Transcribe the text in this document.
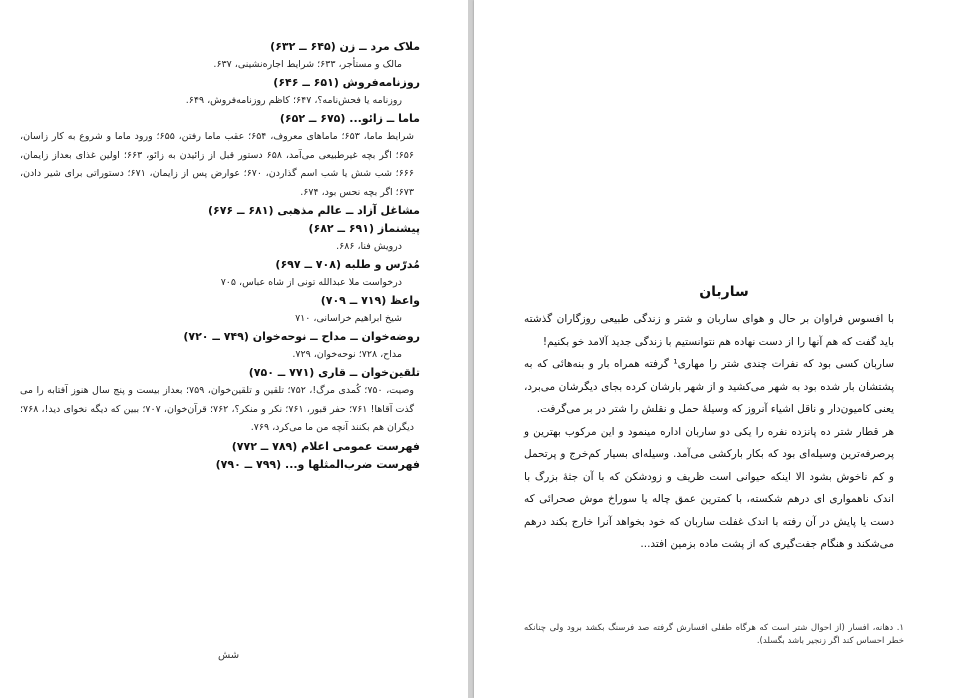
ملاک مرد ــ زن (۶۴۵ ــ ۶۳۲)
مالک و مستأجر، ۶۳۳؛ شرایط اجاره‌نشینی، ۶۳۷.
روزنامه‌فروش (۶۵۱ ــ ۶۴۶)
روزنامه یا فحش‌نامه؟، ۶۴۷؛ کاظم روزنامه‌فروش، ۶۴۹.
ماما ــ زائو... (۶۷۵ ــ ۶۵۲)
شرایط ماما، ۶۵۳؛ ماماهای معروف، ۶۵۴؛ عقب ماما رفتن، ۶۵۵؛ ورود ماما و شروع به کار زاسان، ۶۵۶؛ اگر بچه غیرطبیعی می‌آمد، ۶۵۸ دستور قبل از زائیدن به زائو، ۶۶۳؛ اولین غذای بعداز زایمان، ۶۶۶؛ شب شش یا شب اسم گذاردن، ۶۷۰؛ عوارض پس از زایمان، ۶۷۱؛ دستوراتی برای شیر دادن، ۶۷۳؛ اگر بچه نحس بود، ۶۷۴.
مشاغل آزاد ــ عالم مذهبی (۶۸۱ ــ ۶۷۶)
پیشنماز (۶۹۱ ــ ۶۸۲)
درویش فنا، ۶۸۶.
مُدرّس و طلبه (۷۰۸ ــ ۶۹۷)
درخواست ملا عبدالله تونی از شاه عباس، ۷۰۵
واعظ (۷۱۹ ــ ۷۰۹)
شیخ ابراهیم خراسانی، ۷۱۰
روضه‌خوان ــ مداح ــ نوحه‌خوان (۷۴۹ ــ ۷۲۰)
مداح، ۷۲۸؛ نوحه‌خوان، ۷۲۹.
تلقین‌خوان ــ قاری (۷۷۱ ــ ۷۵۰)
وصیت، ۷۵۰؛ کُمدی مرگ!، ۷۵۲؛ تلقین و تلقین‌خوان، ۷۵۹؛ بعداز بیست و پنج سال هنوز آفتابه را می گذت آقاها! ۷۶۱؛ حفر قبور، ۷۶۱؛ نکر و منکر؟، ۷۶۲؛ قرآن‌خوان، ۷۰۷؛ ببین که دیگه نخوای دید!، ۷۶۸؛ دیگران هم بکنند آنچه من ما می‌کرد، ۷۶۹.
فهرست عمومی اعلام (۷۸۹ ــ ۷۷۲)
فهرست ضرب‌المثلها و... (۷۹۹ ــ ۷۹۰)
شش
ساربان

با افسوس فراوان بر حال و هوای ساربان و شتر و زندگی طبیعی روزگاران گذشته باید گفت که هم آنها را از دست نهاده هم نتوانستیم با زندگی جدید آلامد خو بکنیم!

ساربان کسی بود که نفرات چندی شتر را مهاری¹ گرفته همراه بار و بنه‌هائی که به پشتشان بار شده بود به شهر می‌کشید و از شهر بارشان کرده بجای دیگرشان می‌برد، یعنی کامیون‌دار و ناقل اشیاء آنروز که وسیلهٔ حمل و نقلش را شتر در بر می‌گرفت.

هر قطار شتر ده پانزده نفره را یکی دو ساربان اداره مینمود و این مرکوب بهترین و پرصرفه‌ترین وسیله‌ای بود که بکار بارکشی می‌آمد. وسیله‌ای بسیار کم‌خرج و پرتحمل و کم ناخوش بشود الا اینکه حیوانی است ظریف و زودشکن که با آن جثهٔ بزرگ با اندک ناهمواری ای درهم شکسته، با کمترین عمق چاله یا سوراخ موش صحرائی که دست یا پایش در آن رفته با اندک غفلت ساربان که خود بخواهد آنرا خارج بکند درهم می‌شکند و هنگام جفت‌گیری که از پشت ماده بزمین افتد...

۱. دهانه، افسار (از احوال شتر است که هرگاه طفلی افسارش گرفته صد فرسنگ بکشد برود ولی چنانکه خطر احساس کند اگر زنجیر باشد بگسلد).
